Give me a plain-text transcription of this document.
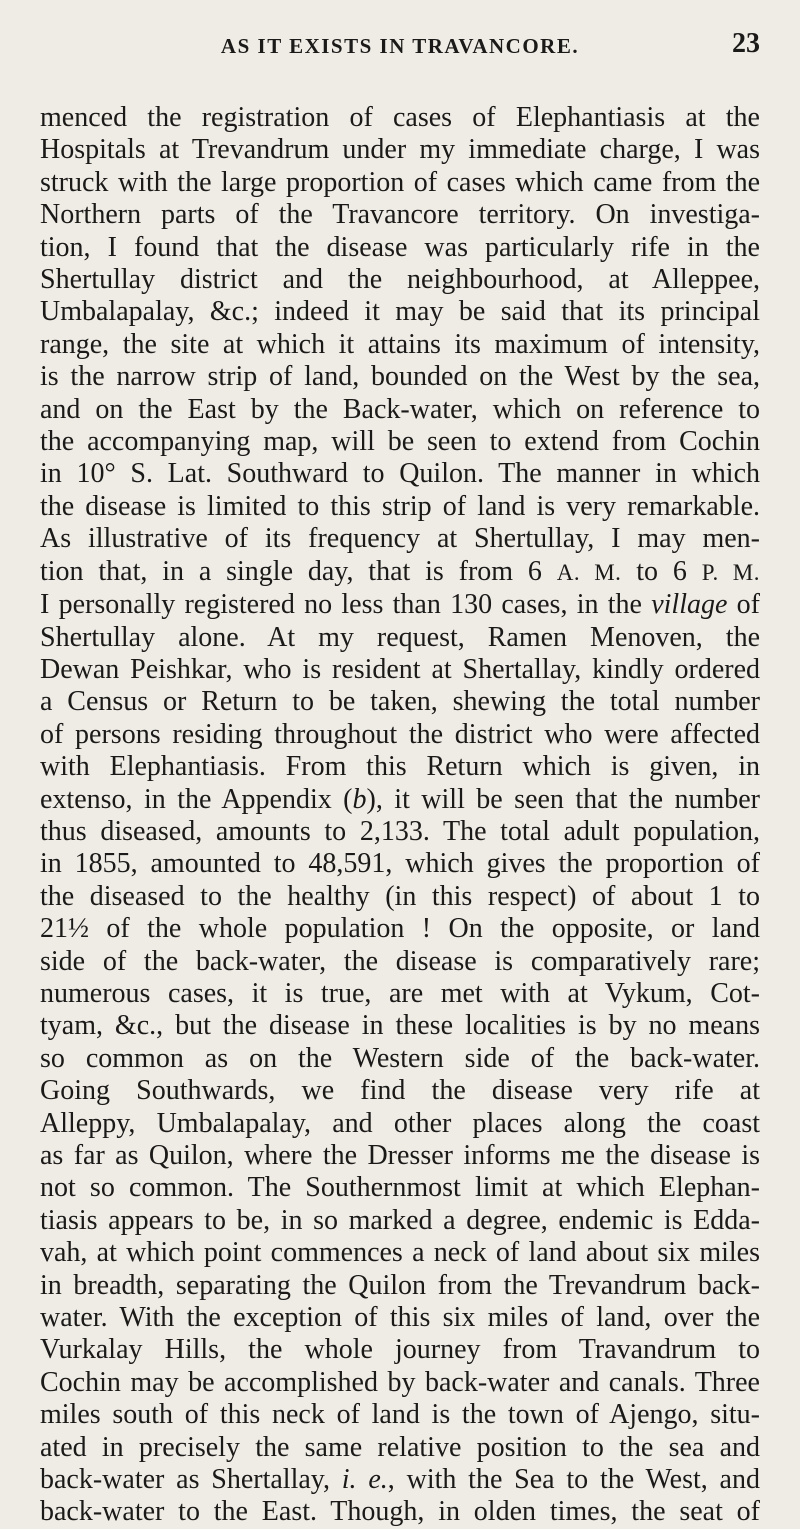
AS IT EXISTS IN TRAVANCORE.	23
menced the registration of cases of Elephantiasis at the
Hospitals at Trevandrum under my immediate charge, I was
struck with the large proportion of cases which came from the
Northern parts of the Travancore territory. On investiga-
tion, I found that the disease was particularly rife in the
Shertullay district and the neighbourhood, at Alleppee,
Umbalapalay, &c.; indeed it may be said that its principal
range, the site at which it attains its maximum of intensity,
is the narrow strip of land, bounded on the West by the sea,
and on the East by the Back-water, which on reference to
the accompanying map, will be seen to extend from Cochin
in 10° S. Lat. Southward to Quilon. The manner in which
the disease is limited to this strip of land is very remarkable.
As illustrative of its frequency at Shertullay, I may men-
tion that, in a single day, that is from 6 A. M. to 6 P. M.
I personally registered no less than 130 cases, in the village of
Shertullay alone. At my request, Ramen Menoven, the
Dewan Peishkar, who is resident at Shertallay, kindly ordered
a Census or Return to be taken, shewing the total number
of persons residing throughout the district who were affected
with Elephantiasis. From this Return which is given, in
extenso, in the Appendix (b), it will be seen that the number
thus diseased, amounts to 2,133. The total adult population,
in 1855, amounted to 48,591, which gives the proportion of
the diseased to the healthy (in this respect) of about 1 to
21½ of the whole population ! On the opposite, or land
side of the back-water, the disease is comparatively rare;
numerous cases, it is true, are met with at Vykum, Cot-
tyam, &c., but the disease in these localities is by no means
so common as on the Western side of the back-water.
Going Southwards, we find the disease very rife at
Alleppy, Umbalapalay, and other places along the coast
as far as Quilon, where the Dresser informs me the disease is
not so common. The Southernmost limit at which Elephan-
tiasis appears to be, in so marked a degree, endemic is Edda-
vah, at which point commences a neck of land about six miles
in breadth, separating the Quilon from the Trevandrum back-
water. With the exception of this six miles of land, over the
Vurkalay Hills, the whole journey from Travandrum to
Cochin may be accomplished by back-water and canals. Three
miles south of this neck of land is the town of Ajengo, situ-
ated in precisely the same relative position to the sea and
back-water as Shertallay, i. e., with the Sea to the West, and
back-water to the East. Though, in olden times, the seat of
